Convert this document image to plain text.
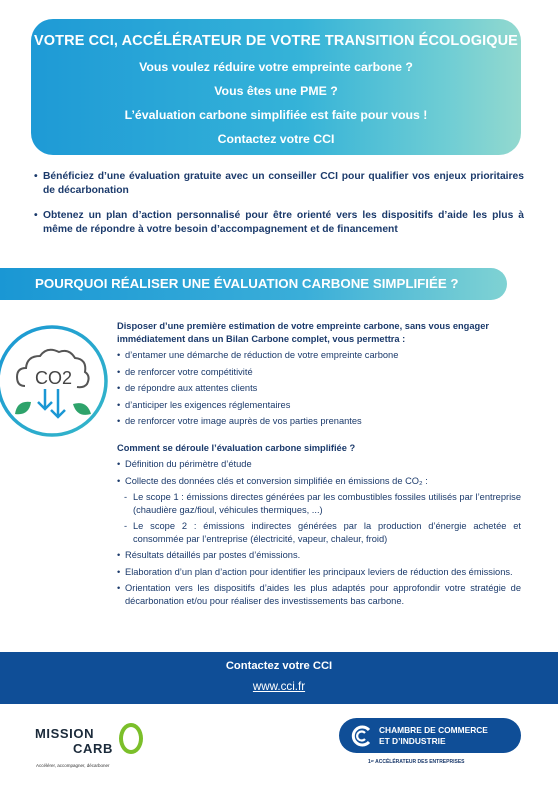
VOTRE CCI, ACCÉLÉRATEUR DE VOTRE TRANSITION ÉCOLOGIQUE
Vous voulez réduire votre empreinte carbone ?
Vous êtes une PME ?
L’évaluation carbone simplifiée est faite pour vous !
Contactez votre CCI
• Bénéficiez d’une évaluation gratuite avec un conseiller CCI pour qualifier vos enjeux prioritaires de décarbonation
• Obtenez un plan d’action personnalisé pour être orienté vers les dispositifs d’aide les plus à même de répondre à votre besoin d’accompagnement et de financement
POURQUOI RÉALISER UNE ÉVALUATION CARBONE SIMPLIFIÉE ?
CO2
Disposer d’une première estimation de votre empreinte carbone, sans vous engager immédiatement dans un Bilan Carbone complet, vous permettra :
• d’entamer une démarche de réduction de votre empreinte carbone
• de renforcer votre compétitivité
• de répondre aux attentes clients
• d’anticiper les exigences réglementaires
• de renforcer votre image auprès de vos parties prenantes
Comment se déroule l’évaluation carbone simplifiée ?
• Définition du périmètre d’étude
• Collecte des données clés et conversion simplifiée en émissions de CO₂ :
- Le scope 1 : émissions directes générées par les combustibles fossiles utilisés par l’entreprise (chaudière gaz/fioul, véhicules thermiques, ...)
- Le scope 2 : émissions indirectes générées par la production d’énergie achetée et consommée par l’entreprise (électricité, vapeur, chaleur, froid)
• Résultats détaillés par postes d’émissions.
• Elaboration d’un plan d’action pour identifier les principaux leviers de réduction des émissions.
• Orientation vers les dispositifs d’aides les plus adaptés pour approfondir votre stratégie de décarbonation et/ou pour réaliser des investissements bas carbone.
Contactez votre CCI
www.cci.fr
MISSION
CARB
Accélérer, accompagner, décarboner
CHAMBRE DE COMMERCE
ET D’INDUSTRIE
1ᵉʳ ACCÉLÉRATEUR DES ENTREPRISES
